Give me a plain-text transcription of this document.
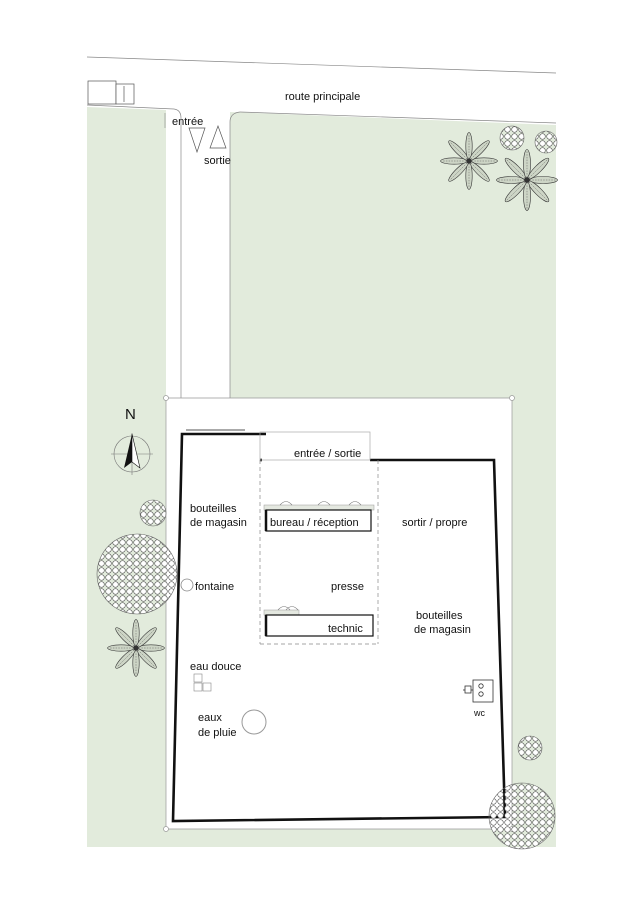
route principale
entrée
sortie
N
entrée / sortie
bouteilles
de magasin bureau / réception	sortir / propre
fontaine	presse
bouteilles
de magasin
technic
eau douce
eaux
de pluie
wc
